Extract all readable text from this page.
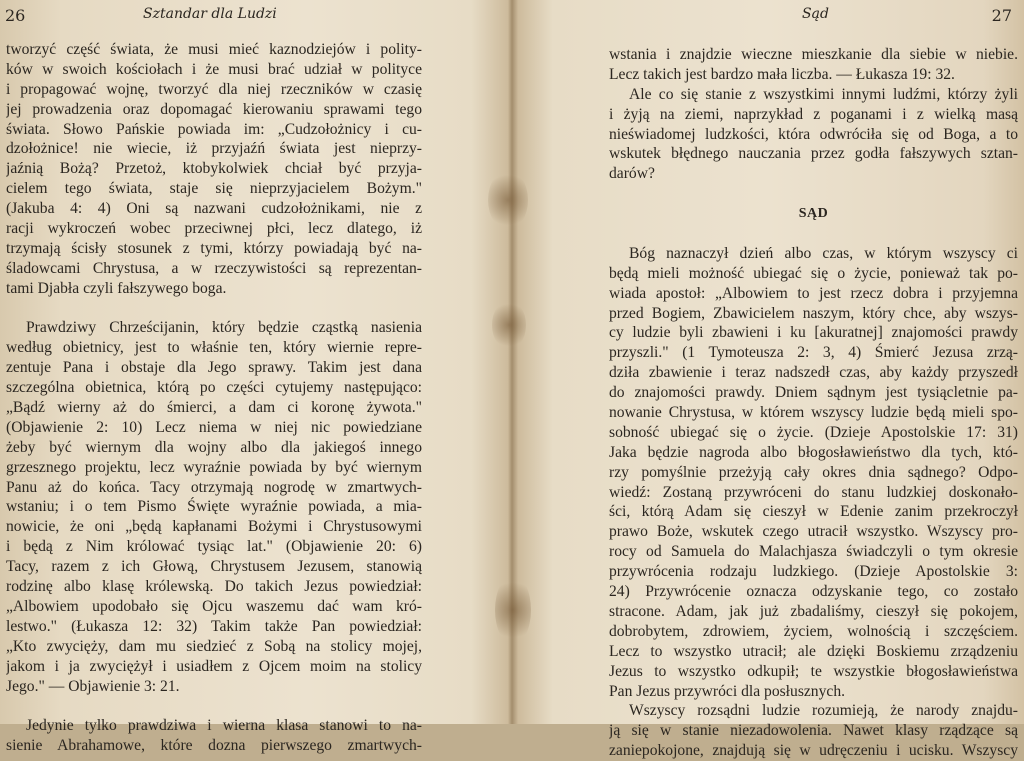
26	Sztandar dla Ludzi
tworzyć część świata, że musi mieć kaznodziejów i polity-
ków w swoich kościołach i że musi brać udział w polityce
i propagować wojnę, tworzyć dla niej rzeczników w czasię
jej prowadzenia oraz dopomagać kierowaniu sprawami tego
świata. Słowo Pańskie powiada im: „Cudzołożnicy i cu-
dzołożnice! nie wiecie, iż przyjaźń świata jest nieprzy-
jaźnią Bożą? Przetoż, ktobykolwiek chciał być przyja-
cielem tego świata, staje się nieprzyjacielem Bożym."
(Jakuba 4: 4) Oni są nazwani cudzołożnikami, nie z
racji wykroczeń wobec przeciwnej płci, lecz dlatego, iż
trzymają ścisły stosunek z tymi, którzy powiadają być na-
śladowcami Chrystusa, a w rzeczywistości są reprezentan-
tami Djabła czyli fałszywego boga.
Prawdziwy Chrześcijanin, który będzie cząstką nasienia
według obietnicy, jest to właśnie ten, który wiernie repre-
zentuje Pana i obstaje dla Jego sprawy. Takim jest dana
szczególna obietnica, którą po części cytujemy następująco:
„Bądź wierny aż do śmierci, a dam ci koronę żywota."
(Objawienie 2: 10) Lecz niema w niej nic powiedziane
żeby być wiernym dla wojny albo dla jakiegoś innego
grzesznego projektu, lecz wyraźnie powiada by być wiernym
Panu aż do końca. Tacy otrzymają nogrodę w zmartwych-
wstaniu; i o tem Pismo Święte wyraźnie powiada, a mia-
nowicie, że oni „będą kapłanami Bożymi i Chrystusowymi
i będą z Nim królować tysiąc lat." (Objawienie 20: 6)
Tacy, razem z ich Głową, Chrystusem Jezusem, stanowią
rodzinę albo klasę królewską. Do takich Jezus powiedział:
„Albowiem upodobało się Ojcu waszemu dać wam kró-
lestwo." (Łukasza 12: 32) Takim także Pan powiedział:
„Kto zwycięży, dam mu siedzieć z Sobą na stolicy mojej,
jakom i ja zwyciężył i usiadłem z Ojcem moim na stolicy
Jego." — Objawienie 3: 21.
Jedynie tylko prawdziwa i wierna klasa stanowi to na-
sienie Abrahamowe, które dozna pierwszego zmartwych-
Sąd	27
wstania i znajdzie wieczne mieszkanie dla siebie w niebie.
Lecz takich jest bardzo mała liczba. — Łukasza 19: 32.
Ale co się stanie z wszystkimi innymi ludźmi, którzy żyli
i żyją na ziemi, naprzykład z poganami i z wielką masą
nieświadomej ludzkości, która odwróciła się od Boga, a to
wskutek błędnego nauczania przez godła fałszywych sztan-
darów?
SĄD
Bóg naznaczył dzień albo czas, w którym wszyscy ci
będą mieli możność ubiegać się o życie, ponieważ tak po-
wiada apostoł: „Albowiem to jest rzecz dobra i przyjemna
przed Bogiem, Zbawicielem naszym, który chce, aby wszys-
cy ludzie byli zbawieni i ku [akuratnej] znajomości prawdy
przyszli." (1 Tymoteusza 2: 3, 4) Śmierć Jezusa zrzą-
dziła zbawienie i teraz nadszedł czas, aby każdy przyszedł
do znajomości prawdy. Dniem sądnym jest tysiącletnie pa-
nowanie Chrystusa, w którem wszyscy ludzie będą mieli spo-
sobność ubiegać się o życie. (Dzieje Apostolskie 17: 31)
Jaka będzie nagroda albo błogosławieństwo dla tych, któ-
rzy pomyślnie przeżyją cały okres dnia sądnego? Odpo-
wiedź: Zostaną przywróceni do stanu ludzkiej doskonało-
ści, którą Adam się cieszył w Edenie zanim przekroczył
prawo Boże, wskutek czego utracił wszystko. Wszyscy pro-
rocy od Samuela do Malachjasza świadczyli o tym okresie
przywrócenia rodzaju ludzkiego. (Dzieje Apostolskie 3:
24) Przywrócenie oznacza odzyskanie tego, co zostało
stracone. Adam, jak już zbadaliśmy, cieszył się pokojem,
dobrobytem, zdrowiem, życiem, wolnością i szczęściem.
Lecz to wszystko utracił; ale dzięki Boskiemu zrządzeniu
Jezus to wszystko odkupił; te wszystkie błogosławieństwa
Pan Jezus przywróci dla posłusznych.
Wszyscy rozsądni ludzie rozumieją, że narody znajdu-
ją się w stanie niezadowolenia. Nawet klasy rządzące są
zaniepokojone, znajdują się w udręczeniu i ucisku. Wszyscy
